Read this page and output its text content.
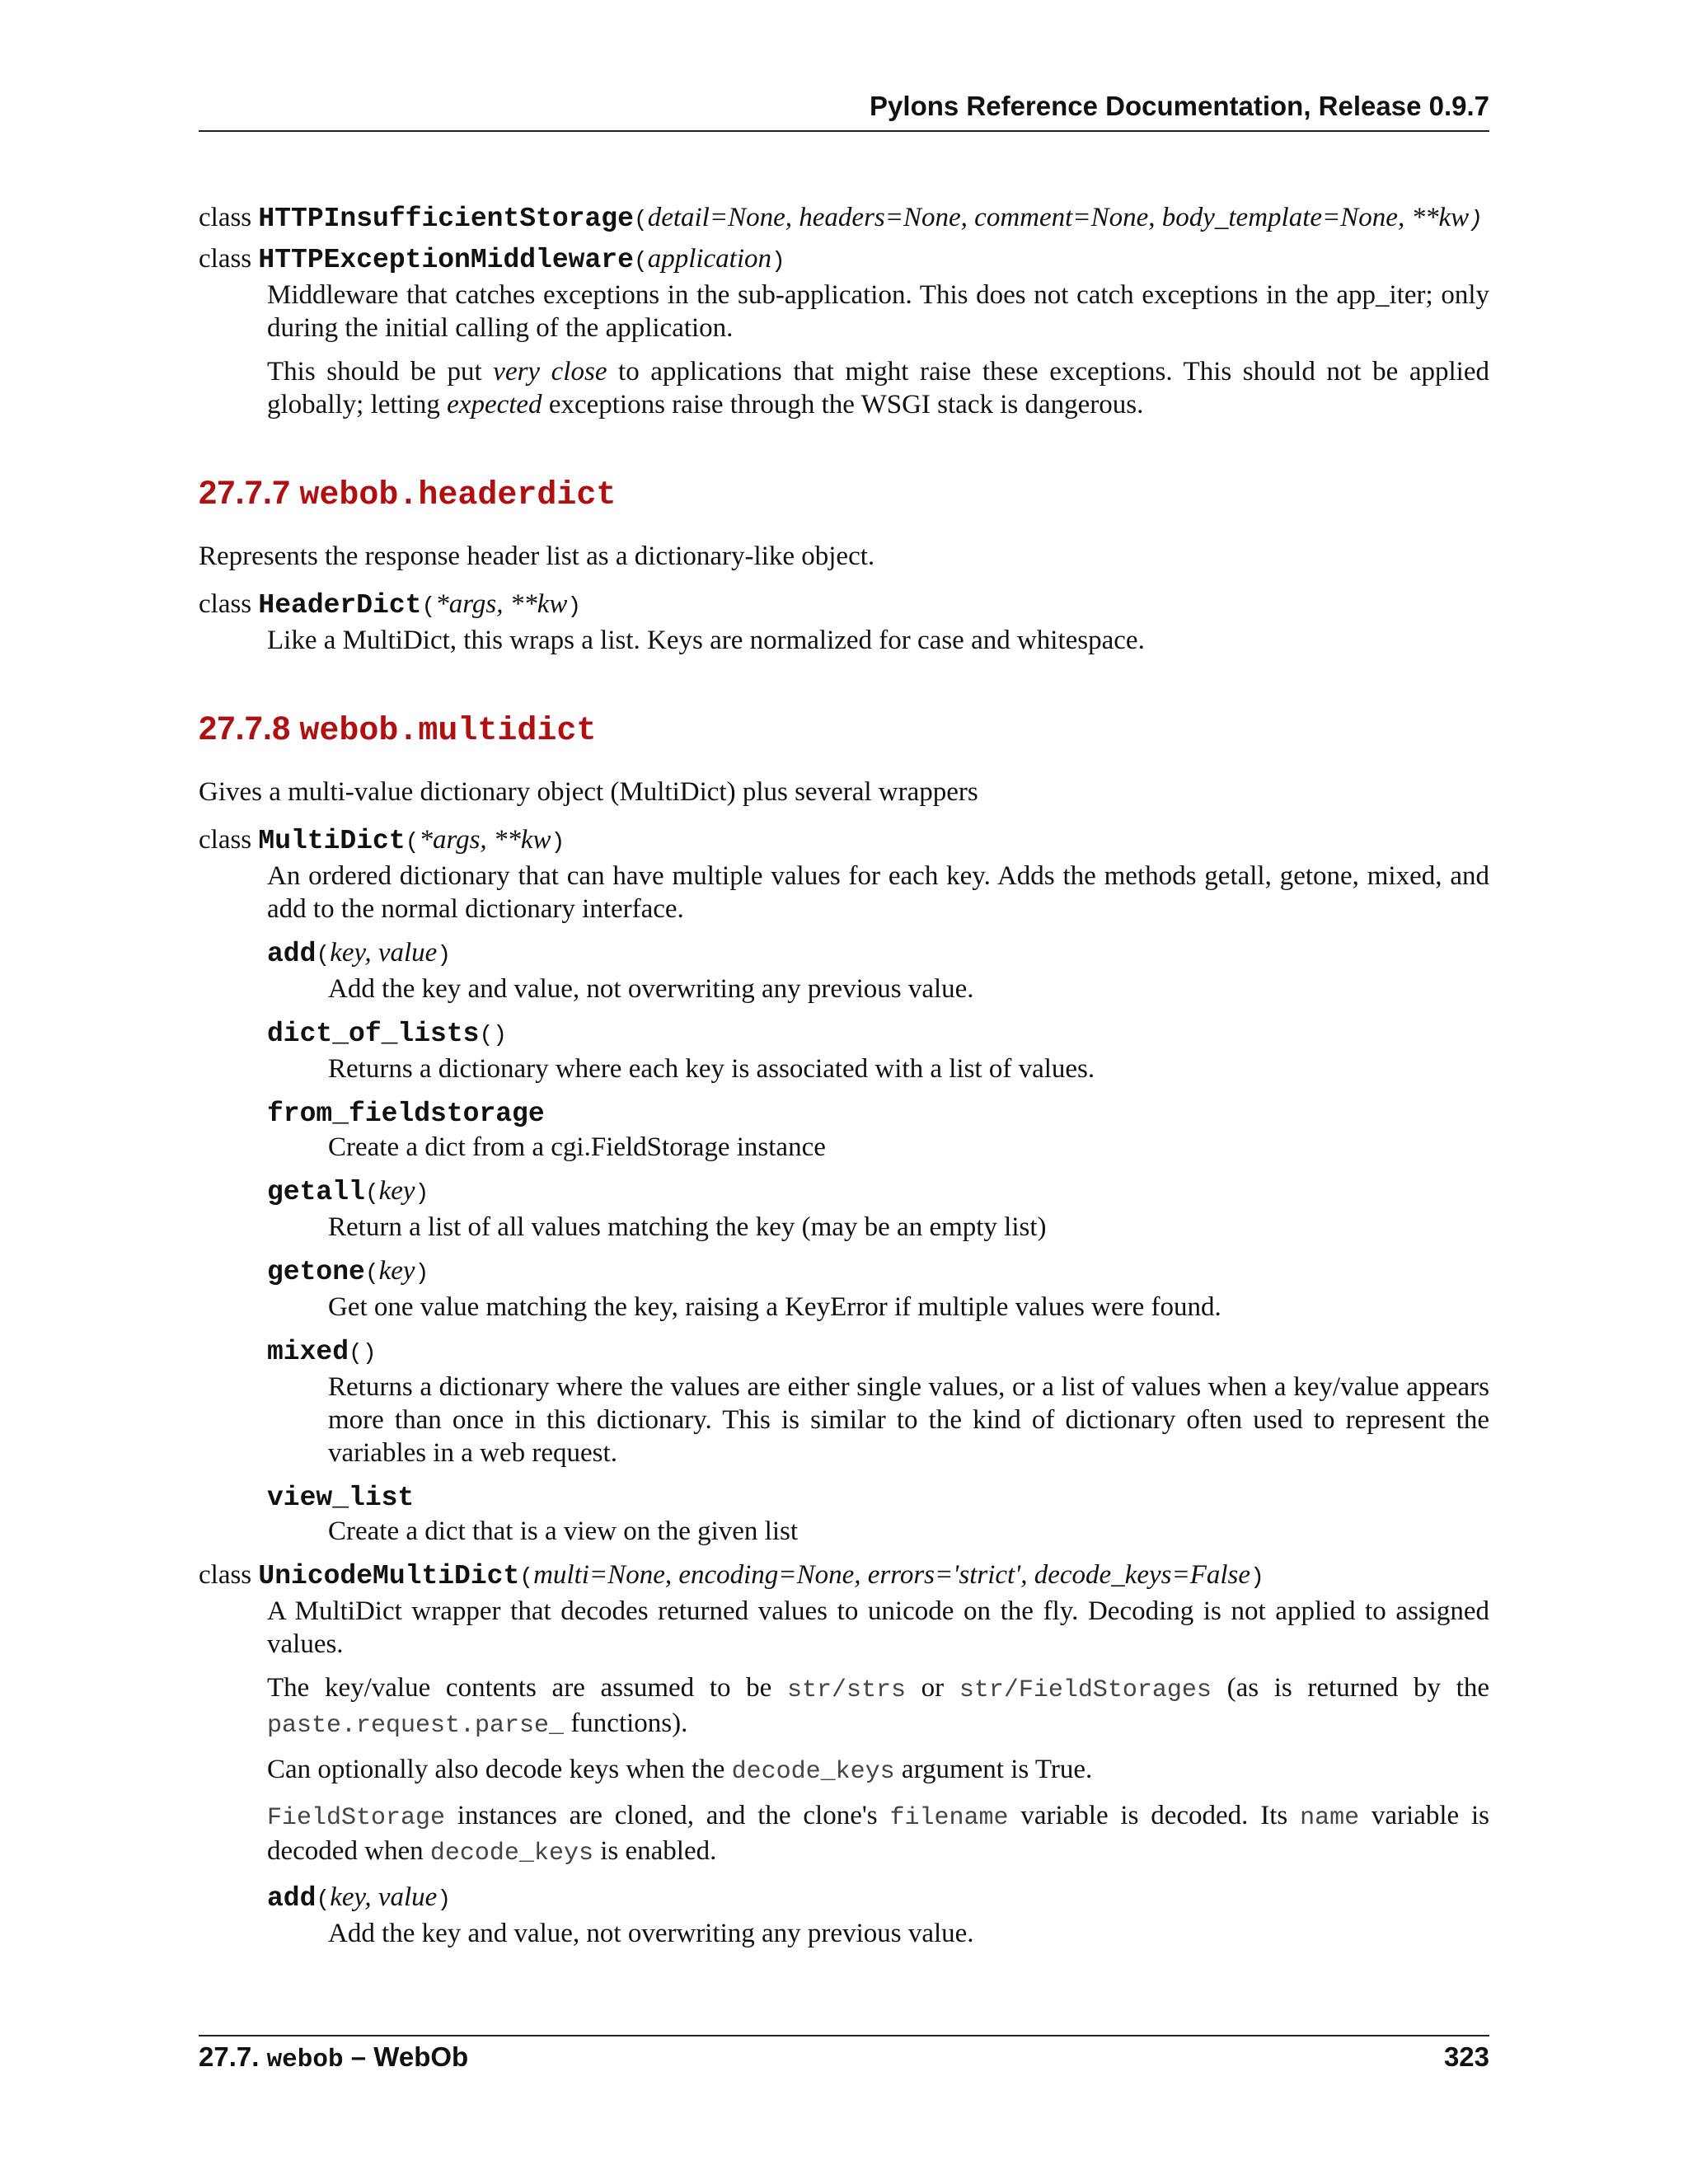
Pylons Reference Documentation, Release 0.9.7
class HTTPInsufficientStorage( detail=None, headers=None, comment=None, body_template=None, **kw)
class HTTPExceptionMiddleware(application)

Middleware that catches exceptions in the sub-application. This does not catch exceptions in the app_iter; only during the initial calling of the application.

This should be put very close to applications that might raise these exceptions. This should not be applied globally; letting expected exceptions raise through the WSGI stack is dangerous.

27.7.7 webob.headerdict

Represents the response header list as a dictionary-like object.

class HeaderDict(*args, **kw)

Like a MultiDict, this wraps a list. Keys are normalized for case and whitespace.

27.7.8 webob.multidict

Gives a multi-value dictionary object (MultiDict) plus several wrappers

class MultiDict(*args, **kw)

An ordered dictionary that can have multiple values for each key. Adds the methods getall, getone, mixed, and add to the normal dictionary interface.

add(key, value)

Add the key and value, not overwriting any previous value.

dict_of_lists()

Returns a dictionary where each key is associated with a list of values.

from_fieldstorage

Create a dict from a cgi.FieldStorage instance

getall(key)

Return a list of all values matching the key (may be an empty list)

getone(key)

Get one value matching the key, raising a KeyError if multiple values were found.

mixed()

Returns a dictionary where the values are either single values, or a list of values when a key/value appears more than once in this dictionary. This is similar to the kind of dictionary often used to represent the variables in a web request.

view_list

Create a dict that is a view on the given list

class UnicodeMultiDict(multi=None, encoding=None, errors='strict', decode_keys=False)

A MultiDict wrapper that decodes returned values to unicode on the fly. Decoding is not applied to assigned values.

The key/value contents are assumed to be str/strs or str/FieldStorages (as is returned by the paste.request.parse_ functions).

Can optionally also decode keys when the decode_keys argument is True.

FieldStorage instances are cloned, and the clone's filename variable is decoded. Its name variable is decoded when decode_keys is enabled.

add(key, value)

Add the key and value, not overwriting any previous value.

27.7. webob – WebOb	323
